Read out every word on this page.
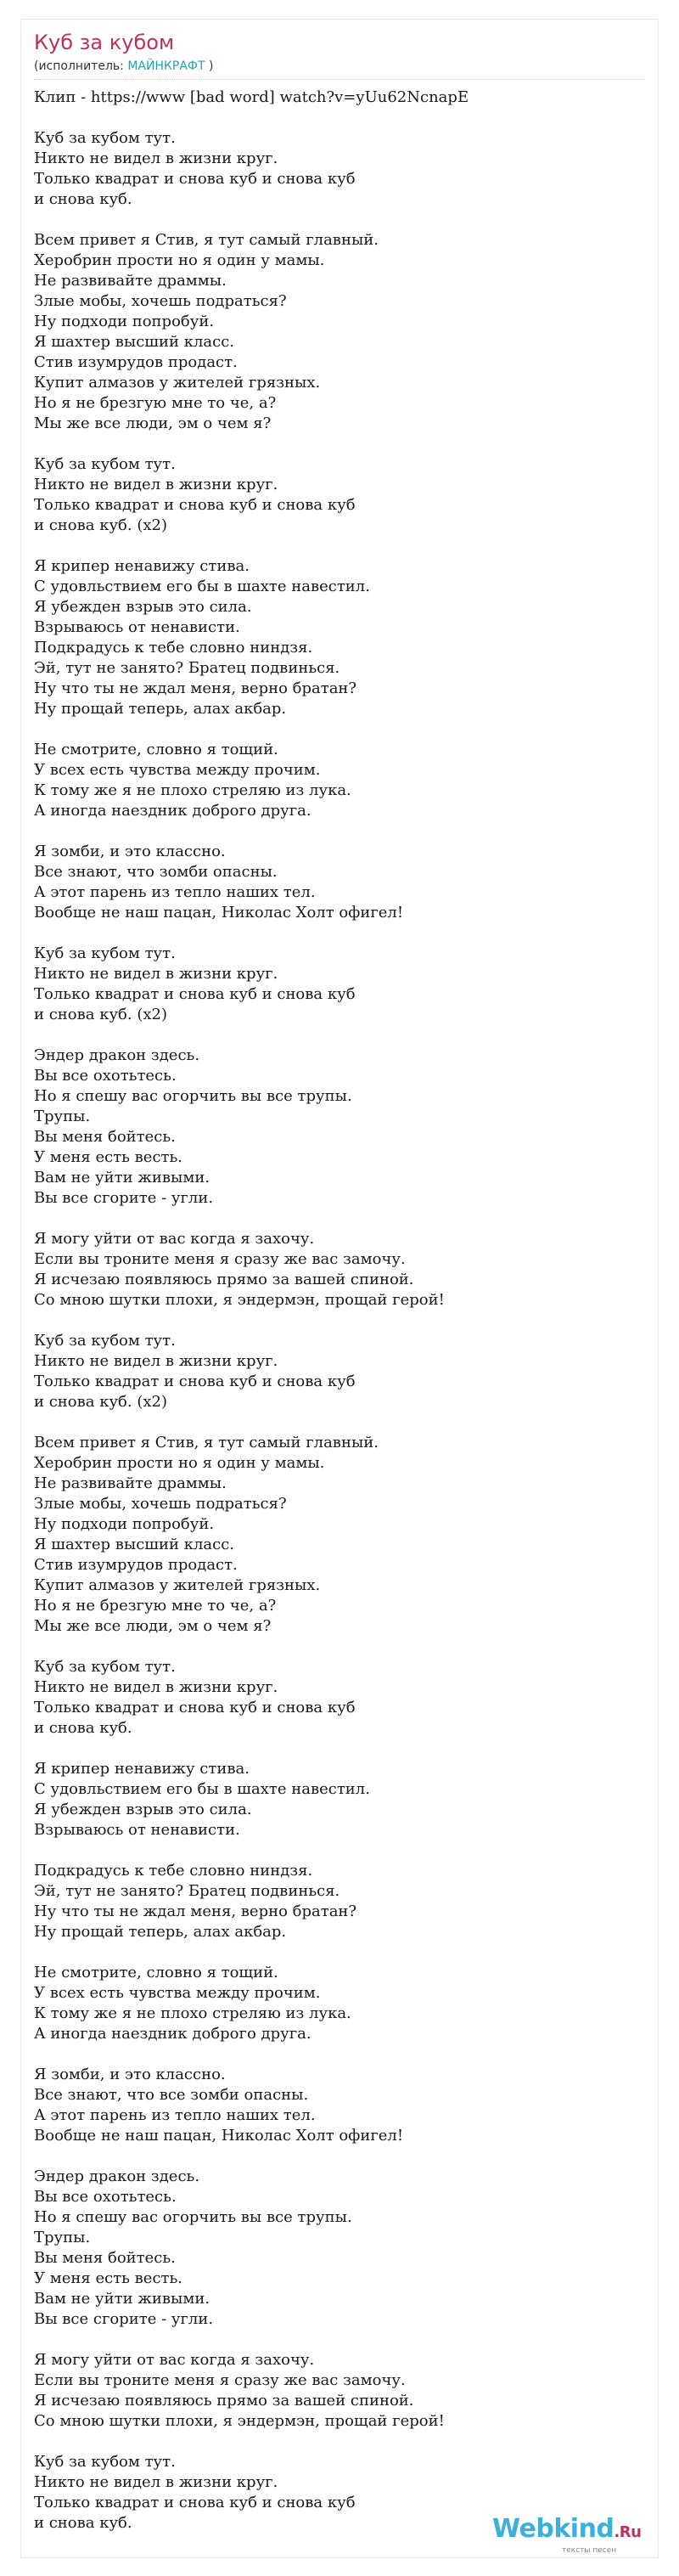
Куб за кубом
(исполнитель: МАЙНКРАФТ )
Клип - https://www [bad word] watch?v=yUu62NcnapE
Куб за кубом тут.
Никто не видел в жизни круг.
Только квадрат и снова куб и снова куб
и снова куб.
Всем привет я Стив, я тут самый главный.
Херобрин прости но я один у мамы.
Не развивайте драммы.
Злые мобы, хочешь подраться?
Ну подходи попробуй.
Я шахтер высший класс.
Стив изумрудов продаст.
Купит алмазов у жителей грязных.
Но я не брезгую мне то че, а?
Мы же все люди, эм о чем я?
Куб за кубом тут.
Никто не видел в жизни круг.
Только квадрат и снова куб и снова куб
и снова куб. (x2)
Я крипер ненавижу стива.
С удовльствием его бы в шахте навестил.
Я убежден взрыв это сила.
Взрываюсь от ненависти.
Подкрадусь к тебе словно ниндзя.
Эй, тут не занято? Братец подвинься.
Ну что ты не ждал меня, верно братан?
Ну прощай теперь, алах акбар.
Не смотрите, словно я тощий.
У всех есть чувства между прочим.
К тому же я не плохо стреляю из лука.
А иногда наездник доброго друга.
Я зомби, и это классно.
Все знают, что зомби опасны.
А этот парень из тепло наших тел.
Вообще не наш пацан, Николас Холт офигел!
Куб за кубом тут.
Никто не видел в жизни круг.
Только квадрат и снова куб и снова куб
и снова куб. (x2)
Эндер дракон здесь.
Вы все охотьтесь.
Но я спешу вас огорчить вы все трупы.
Трупы.
Вы меня бойтесь.
У меня есть весть.
Вам не уйти живыми.
Вы все сгорите - угли.
Я могу уйти от вас когда я захочу.
Если вы троните меня я сразу же вас замочу.
Я исчезаю появляюсь прямо за вашей спиной.
Со мною шутки плохи, я эндермэн, прощай герой!
Куб за кубом тут.
Никто не видел в жизни круг.
Только квадрат и снова куб и снова куб
и снова куб. (x2)
Всем привет я Стив, я тут самый главный.
Херобрин прости но я один у мамы.
Не развивайте драммы.
Злые мобы, хочешь подраться?
Ну подходи попробуй.
Я шахтер высший класс.
Стив изумрудов продаст.
Купит алмазов у жителей грязных.
Но я не брезгую мне то че, а?
Мы же все люди, эм о чем я?
Куб за кубом тут.
Никто не видел в жизни круг.
Только квадрат и снова куб и снова куб
и снова куб.
Я крипер ненавижу стива.
С удовльствием его бы в шахте навестил.
Я убежден взрыв это сила.
Взрываюсь от ненависти.
Подкрадусь к тебе словно ниндзя.
Эй, тут не занято? Братец подвинься.
Ну что ты не ждал меня, верно братан?
Ну прощай теперь, алах акбар.
Не смотрите, словно я тощий.
У всех есть чувства между прочим.
К тому же я не плохо стреляю из лука.
А иногда наездник доброго друга.
Я зомби, и это классно.
Все знают, что все зомби опасны.
А этот парень из тепло наших тел.
Вообще не наш пацан, Николас Холт офигел!
Эндер дракон здесь.
Вы все охотьтесь.
Но я спешу вас огорчить вы все трупы.
Трупы.
Вы меня бойтесь.
У меня есть весть.
Вам не уйти живыми.
Вы все сгорите - угли.
Я могу уйти от вас когда я захочу.
Если вы троните меня я сразу же вас замочу.
Я исчезаю появляюсь прямо за вашей спиной.
Со мною шутки плохи, я эндермэн, прощай герой!
Куб за кубом тут.
Никто не видел в жизни круг.
Только квадрат и снова куб и снова куб
и снова куб.	Webkind.Ru
тексты песен
